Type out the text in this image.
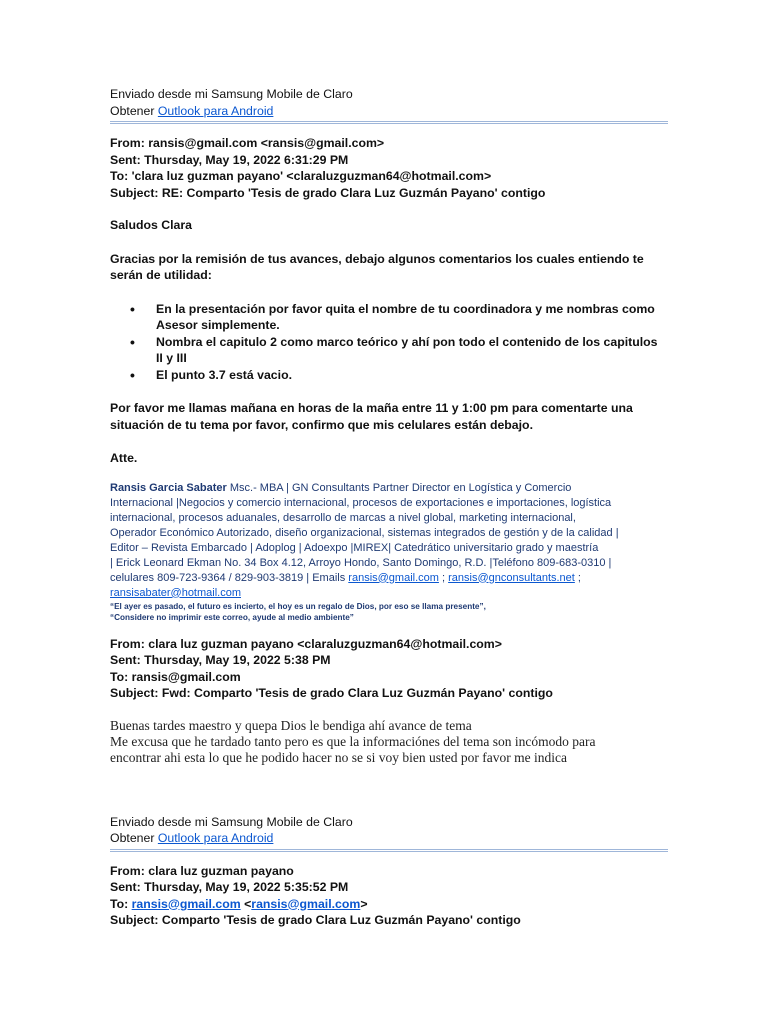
Enviado desde mi Samsung Mobile de Claro
Obtener Outlook para Android
From: ransis@gmail.com <ransis@gmail.com>
Sent: Thursday, May 19, 2022 6:31:29 PM
To: 'clara luz guzman payano' <claraluzguzman64@hotmail.com>
Subject: RE: Comparto 'Tesis de grado Clara Luz Guzmán Payano' contigo
Saludos Clara
Gracias por la remisión de tus avances, debajo algunos comentarios los cuales entiendo te
serán de utilidad:
• En la presentación por favor quita el nombre de tu coordinadora y me nombras como
Asesor simplemente.
• Nombra el capitulo 2 como marco teórico y ahí pon todo el contenido de los capitulos
II y III
• El punto 3.7 está vacio.
Por favor me llamas mañana en horas de la maña entre 11 y 1:00 pm para comentarte una
situación de tu tema por favor, confirmo que mis celulares están debajo.
Atte.
Ransis Garcia Sabater Msc.- MBA | GN Consultants Partner Director en Logística y Comercio
Internacional |Negocios y comercio internacional, procesos de exportaciones e importaciones, logística
internacional, procesos aduanales, desarrollo de marcas a nivel global, marketing internacional,
Operador Económico Autorizado, diseño organizacional, sistemas integrados de gestión y de la calidad |
Editor – Revista Embarcado | Adoplog | Adoexpo |MIREX| Catedrático universitario grado y maestría
| Erick Leonard Ekman No. 34 Box 4.12, Arroyo Hondo, Santo Domingo, R.D. |Teléfono 809-683-0310 |
celulares 809-723-9364 / 829-903-3819 | Emails ransis@gmail.com ; ransis@gnconsultants.net ;
ransisabater@hotmail.com
“El ayer es pasado, el futuro es incierto, el hoy es un regalo de Dios, por eso se llama presente”,
“Considere no imprimir este correo, ayude al medio ambiente”
From: clara luz guzman payano <claraluzguzman64@hotmail.com>
Sent: Thursday, May 19, 2022 5:38 PM
To: ransis@gmail.com
Subject: Fwd: Comparto 'Tesis de grado Clara Luz Guzmán Payano' contigo
Buenas tardes maestro y quepa Dios le bendiga ahí avance de tema
Me excusa que he tardado tanto pero es que la informaciónes del tema son incómodo para
encontrar ahi esta lo que he podido hacer no se si voy bien usted por favor me indica
Enviado desde mi Samsung Mobile de Claro
Obtener Outlook para Android
From: clara luz guzman payano
Sent: Thursday, May 19, 2022 5:35:52 PM
To: ransis@gmail.com <ransis@gmail.com>
Subject: Comparto 'Tesis de grado Clara Luz Guzmán Payano' contigo
